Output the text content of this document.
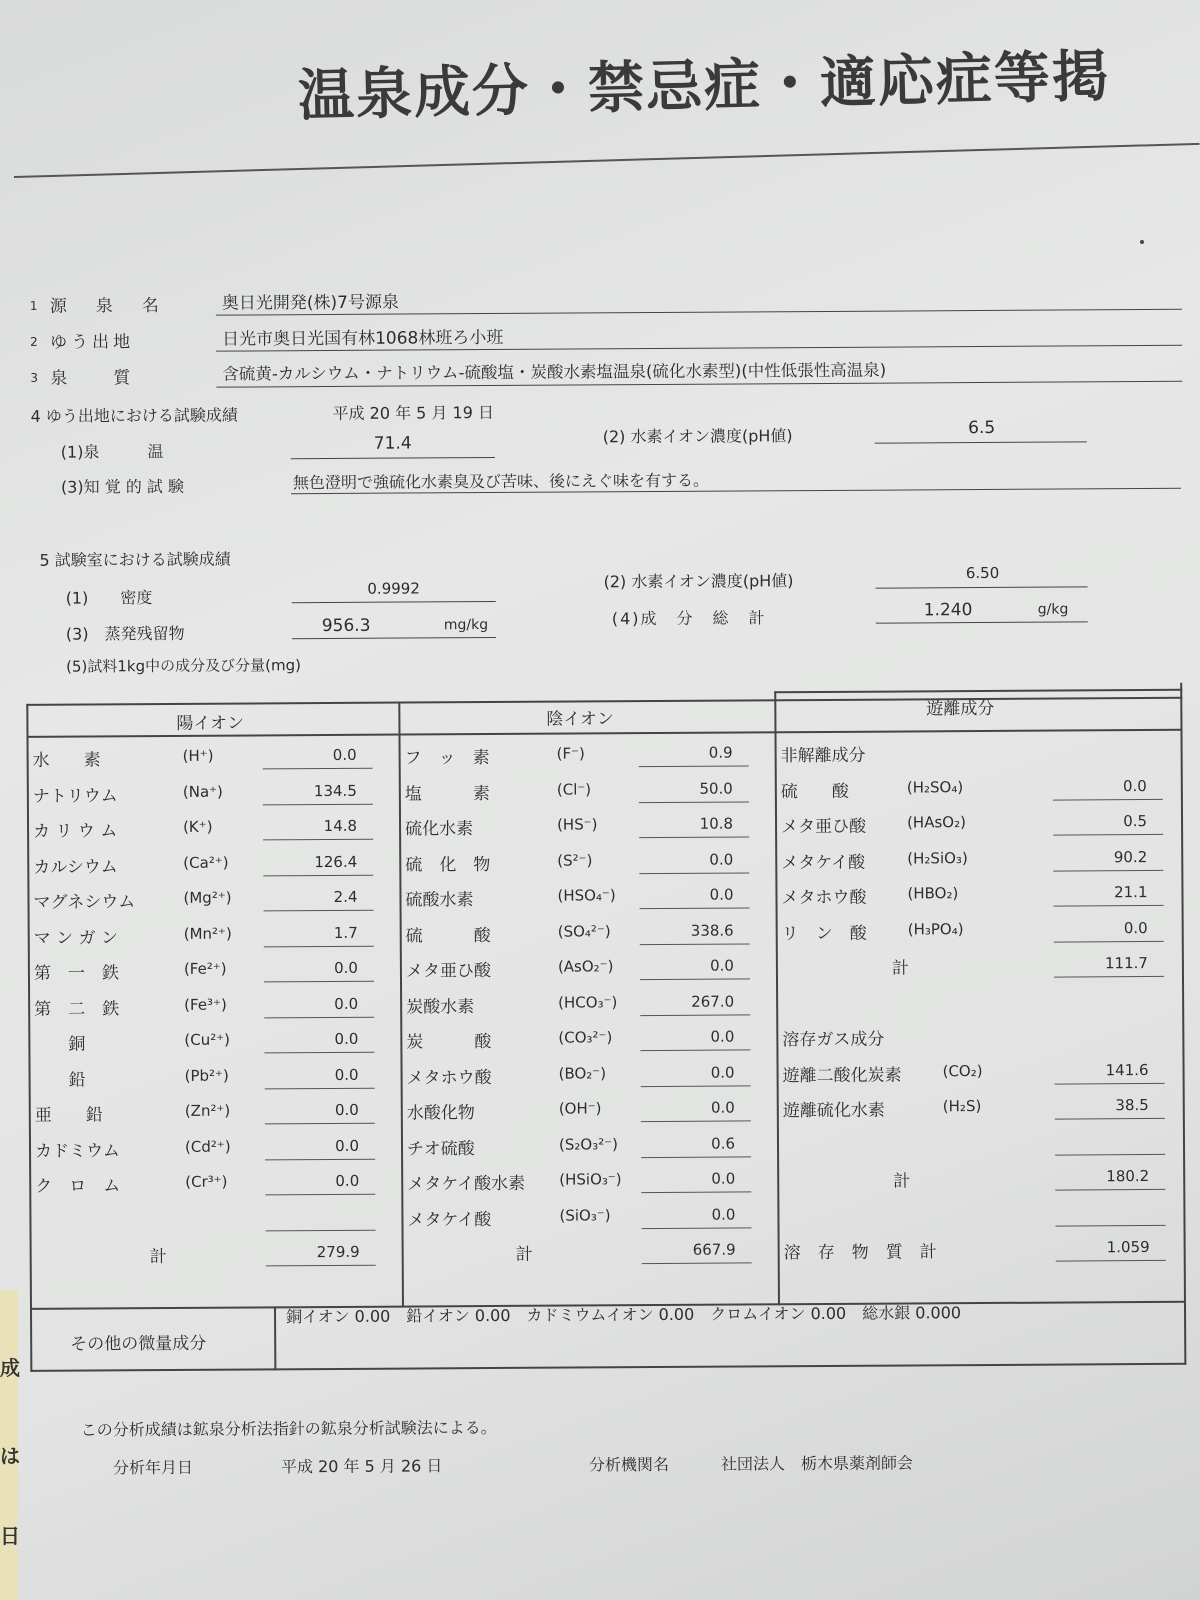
成
は
日
温泉成分・禁忌症・適応症等掲
1 源　泉　名	奥日光開発(株)7号源泉
2 ゆう出地	日光市奥日光国有林1068林班ろ小班
3 泉　　質	含硫黄-カルシウム・ナトリウム-硫酸塩・炭酸水素塩温泉(硫化水素型)(中性低張性高温泉)
4 ゆう出地における試験成績	平成 20 年 5 月 19 日
(1)泉　　　温	71.4	(2) 水素イオン濃度(pH値)	6.5
(3)知 覚 的 試 験	無色澄明で強硫化水素臭及び苦味、後にえぐ味を有する。
5 試験室における試験成績
(1)　　密度	0.9992	(2) 水素イオン濃度(pH値)	6.50
(3)　蒸発残留物	956.3	mg/kg	(4)成　分　総　計	1.240	g/kg
(5)試料1kg中の成分及び分量(mg)
陽イオン	陰イオン
遊離成分
水　　素	(H⁺)	0.0
ナトリウム	(Na⁺)	134.5
カ リ ウ ム	(K⁺)	14.8
カルシウム	(Ca²⁺)	126.4
マグネシウム	(Mg²⁺)	2.4
マ ン ガ ン	(Mn²⁺)	1.7
第　一　鉄	(Fe²⁺)	0.0
第　二　鉄	(Fe³⁺)	0.0
　　銅	(Cu²⁺)	0.0
　　鉛	(Pb²⁺)	0.0
亜　　鉛	(Zn²⁺)	0.0
カドミウム	(Cd²⁺)	0.0
ク　ロ　ム	(Cr³⁺)	0.0
計	279.9
フ　ッ　素	(F⁻)	0.9
塩　　　素	(Cl⁻)	50.0
硫化水素	(HS⁻)	10.8
硫　化　物	(S²⁻)	0.0
硫酸水素	(HSO₄⁻)	0.0
硫　　　酸	(SO₄²⁻)	338.6
メタ亜ひ酸	(AsO₂⁻)	0.0
炭酸水素	(HCO₃⁻)	267.0
炭　　　酸	(CO₃²⁻)	0.0
メタホウ酸	(BO₂⁻)	0.0
水酸化物	(OH⁻)	0.0
チオ硫酸	(S₂O₃²⁻)	0.6
メタケイ酸水素 (HSiO₃⁻)	0.0
メタケイ酸	(SiO₃⁻)	0.0
計	667.9
非解離成分
硫　　酸	(H₂SO₄)	0.0
メタ亜ひ酸	(HAsO₂)	0.5
メタケイ酸	(H₂SiO₃)	90.2
メタホウ酸	(HBO₂)	21.1
リ　ン　酸	(H₃PO₄)	0.0
計	111.7
溶存ガス成分
遊離二酸化炭素	(CO₂)	141.6
遊離硫化水素	(H₂S)	38.5
計	180.2
溶　存　物　質　計	1.059
その他の微量成分
銅イオン 0.00　鉛イオン 0.00　カドミウムイオン 0.00　クロムイオン 0.00　総水銀 0.000
この分析成績は鉱泉分析法指針の鉱泉分析試験法による。
分析年月日	平成 20 年 5 月 26 日	分析機関名	社団法人　栃木県薬剤師会
